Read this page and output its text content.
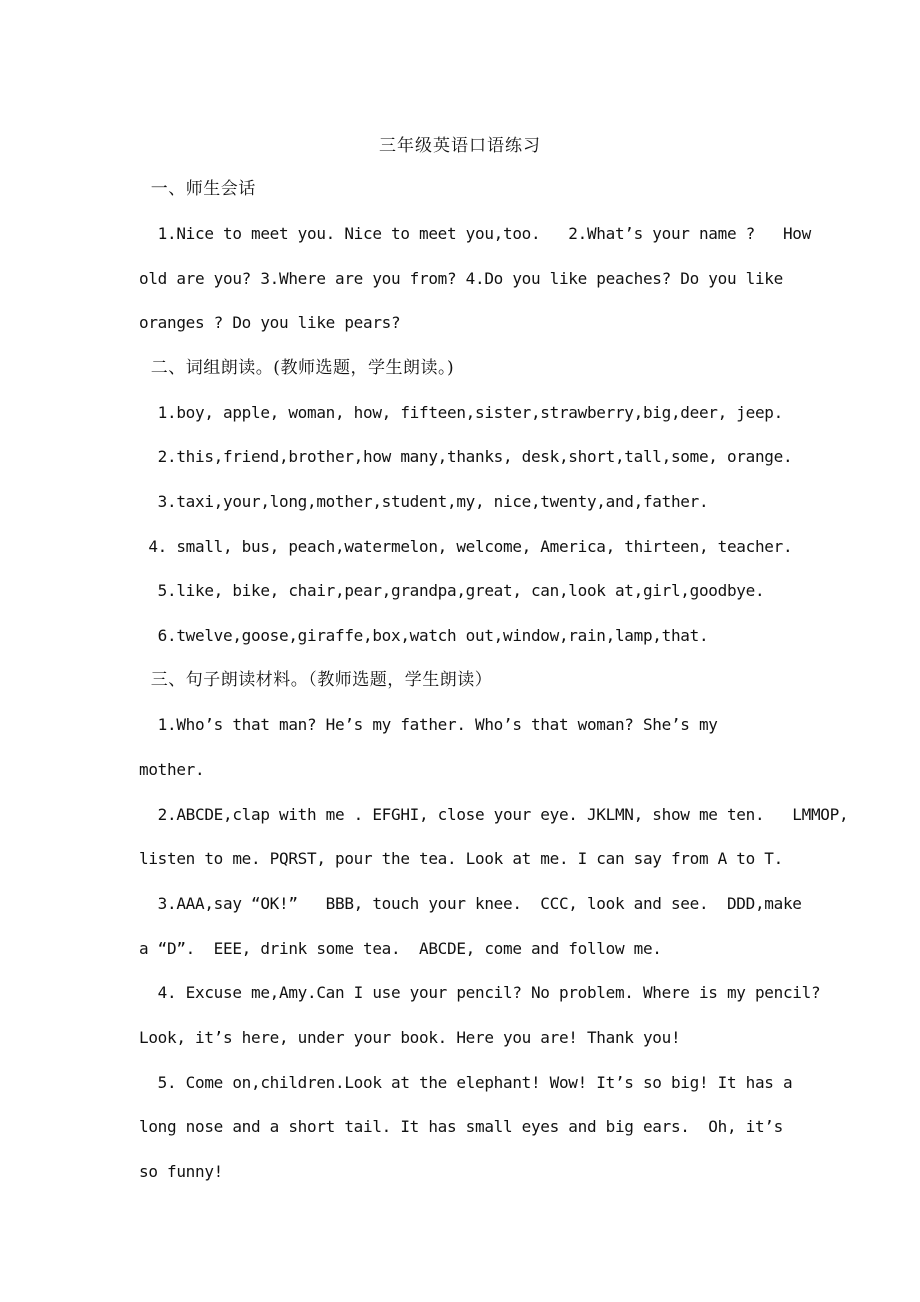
三年级英语口语练习
一、师生会话
1.Nice to meet you. Nice to meet you,too.   2.What’s your name ?   How
old are you? 3.Where are you from? 4.Do you like peaches? Do you like
oranges ? Do you like pears?
二、词组朗读。(教师选题，学生朗读。)
1.boy, apple, woman, how, fifteen,sister,strawberry,big,deer, jeep.
2.this,friend,brother,how many,thanks, desk,short,tall,some, orange.
3.taxi,your,long,mother,student,my, nice,twenty,and,father.
4. small, bus, peach,watermelon, welcome, America, thirteen, teacher.
5.like, bike, chair,pear,grandpa,great, can,look at,girl,goodbye.
6.twelve,goose,giraffe,box,watch out,window,rain,lamp,that.
三、句子朗读材料。（教师选题，学生朗读）
1.Who’s that man? He’s my father. Who’s that woman? She’s my
mother.
2.ABCDE,clap with me . EFGHI, close your eye. JKLMN, show me ten.   LMMOP,
listen to me. PQRST, pour the tea. Look at me. I can say from A to T.
3.AAA,say “OK!”   BBB, touch your knee.  CCC, look and see.  DDD,make
a “D”.  EEE, drink some tea.  ABCDE, come and follow me.
4. Excuse me,Amy.Can I use your pencil? No problem. Where is my pencil?
Look, it’s here, under your book. Here you are! Thank you!
5. Come on,children.Look at the elephant! Wow! It’s so big! It has a
long nose and a short tail. It has small eyes and big ears.  Oh, it’s
so funny!
